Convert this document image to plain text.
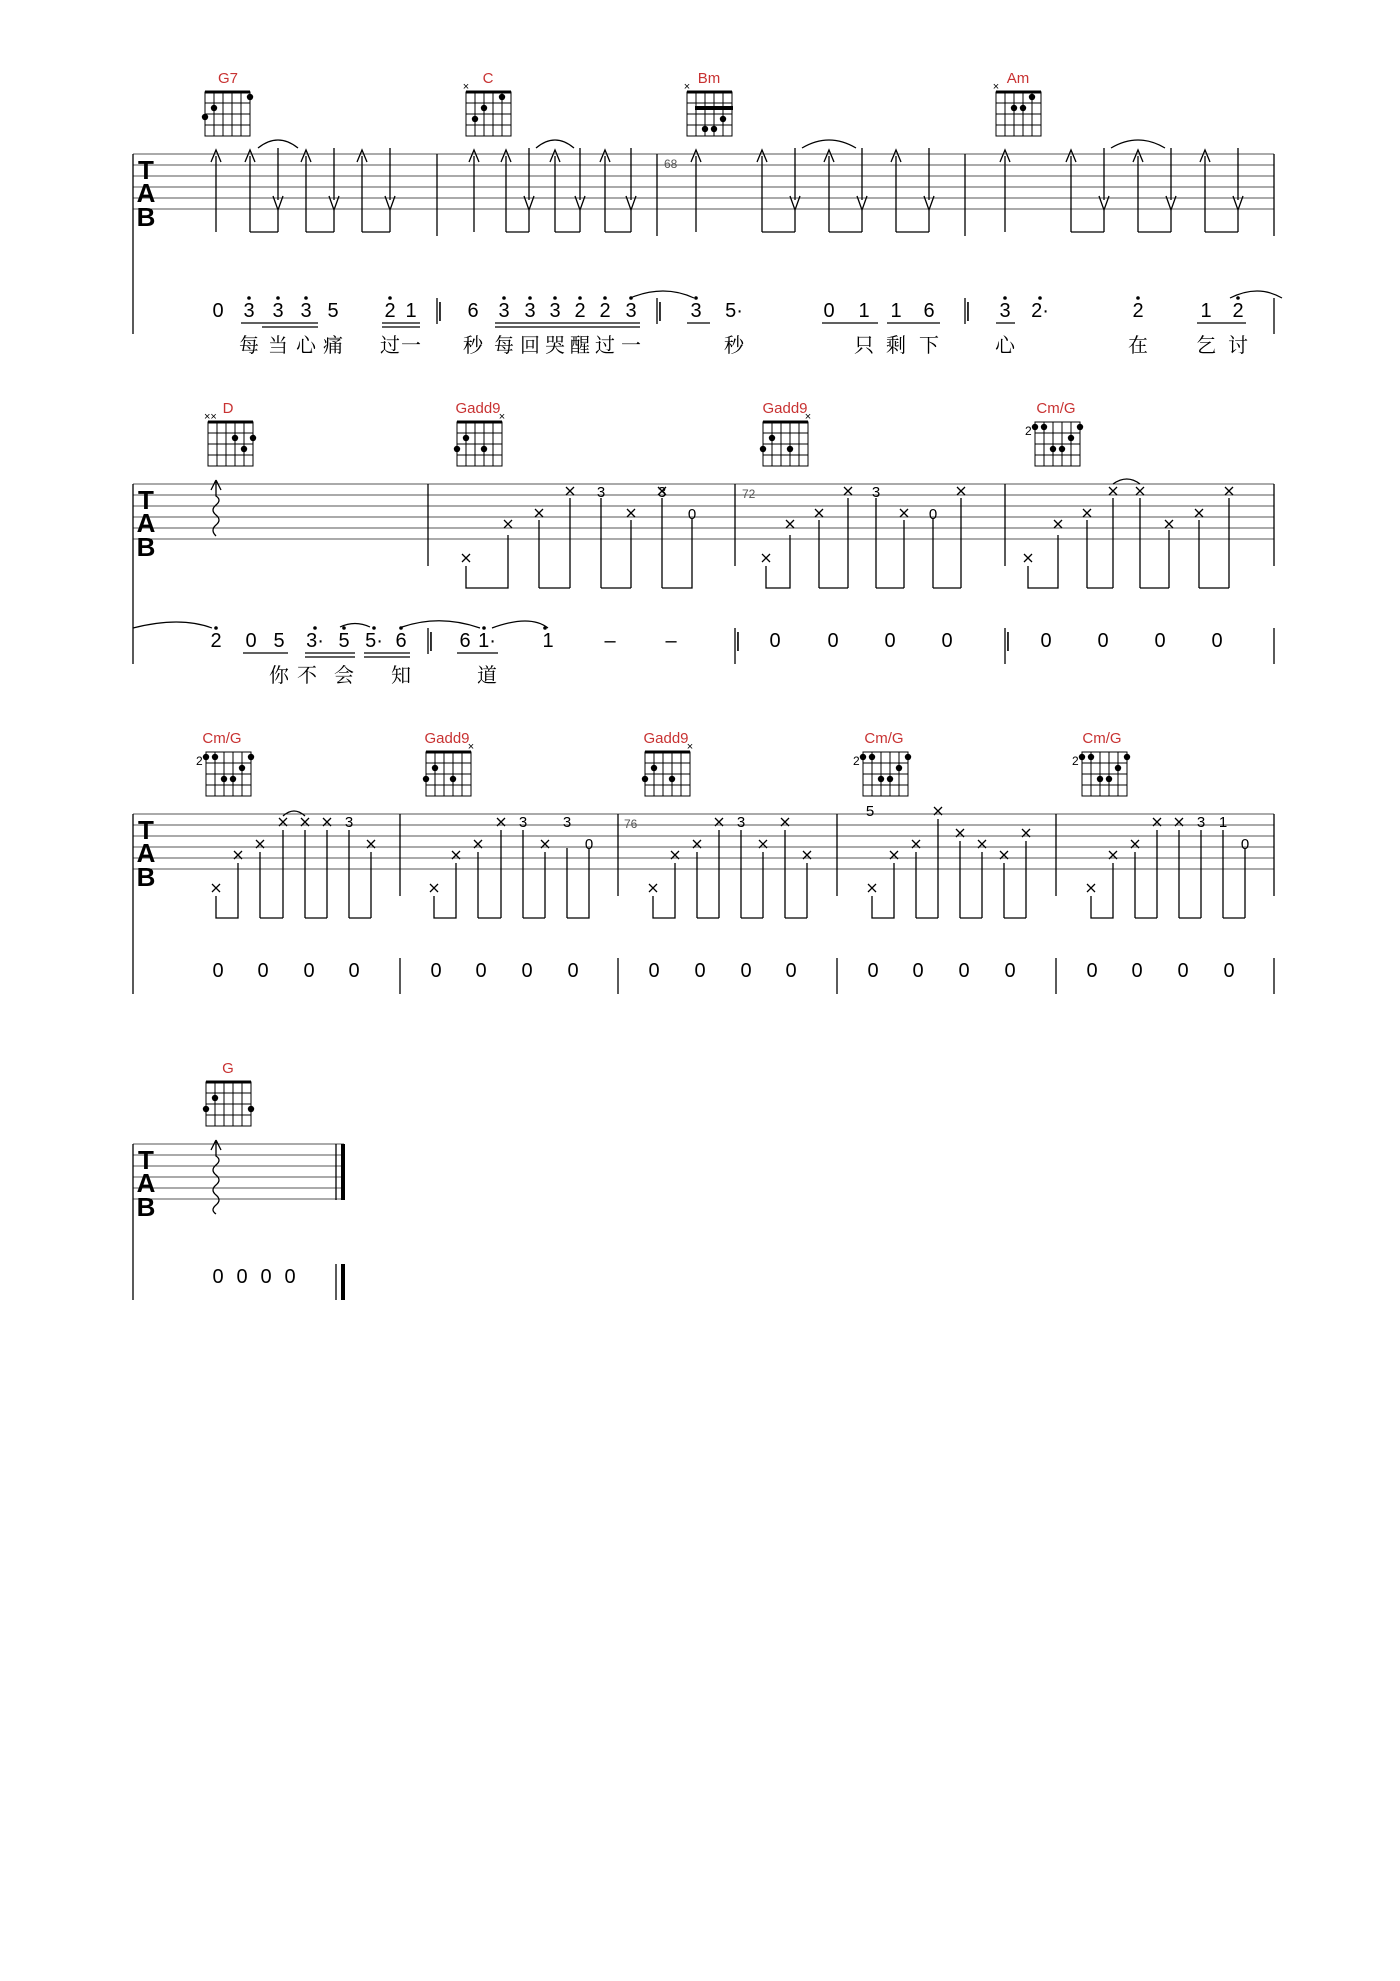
T
A
B
T
A
B
T
A
B
T
A
B
G7	C	Bm	Am
×	×	×
68
0 3 3 3 5 2 1 | 6 3 3 3 2 2 3 | 3 5·	0 1 1 6 | 3 2·	2	1 2
每 当 心 痛 过 一 秒 每 回 哭 醒 过 一	秒	只 剩 下	心	在 乞 讨
D	Gadd9	Gadd9	Cm/G
××	×	×
2
72
3	3
0
3
0
2 0 5 3· 5 5· 6 | 6 1· 1	– –	| 0 0 0 0	| 0 0 0 0
你 不 会 知	道
Cm/G	Gadd9	Gadd9	Cm/G	Cm/G
2
×	×
2	2
76
3	3 3
0
3
5
3 1
0
0 0 0 0	0 0 0 0	0 0 0 0	0 0 0 0	0 0 0 0
G
0 0 0 0
